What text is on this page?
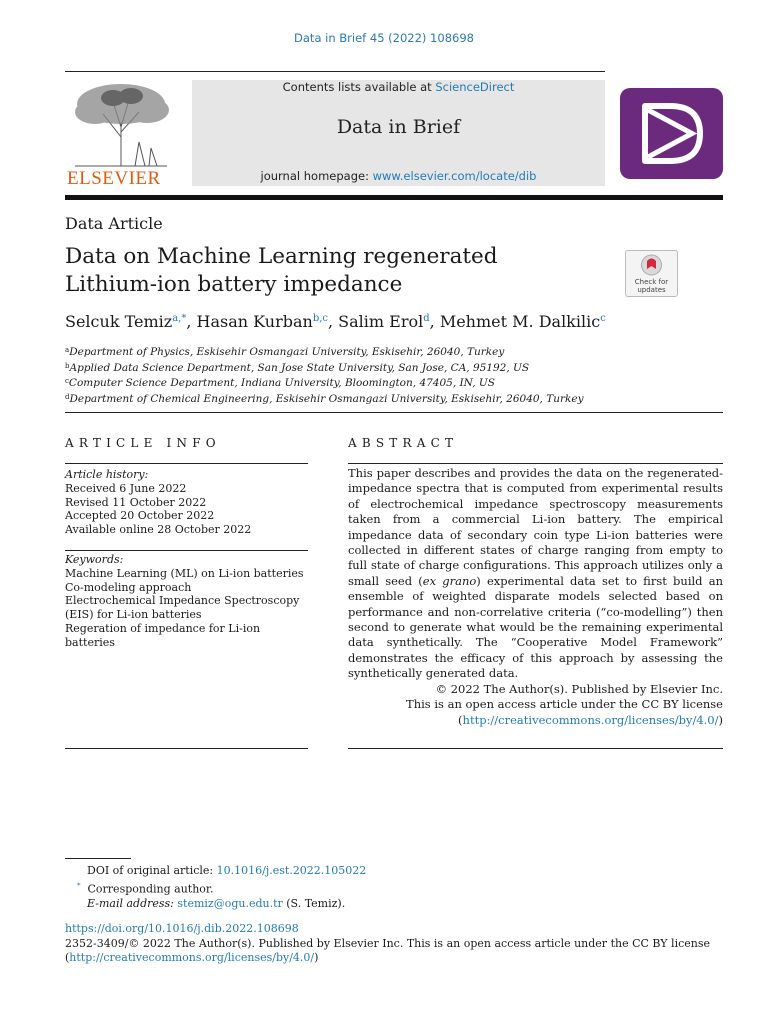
Data in Brief 45 (2022) 108698
ELSEVIER
Contents lists available at ScienceDirect
Data in Brief
journal homepage: www.elsevier.com/locate/dib
Data Article
Data on Machine Learning regenerated
Lithium-ion battery impedance	Check for updates
Selcuk Temiz$^{a,*}$, Hasan Kurban$^{b,c}$, Salim Erol$^d$, Mehmet M. Dalkilic$^c$
$^a$Department of Physics, Eskisehir Osmangazi University, Eskisehir, 26040, Turkey
$^b$Applied Data Science Department, San Jose State University, San Jose, CA, 95192, US
$^c$Computer Science Department, Indiana University, Bloomington, 47405, IN, US
$^d$Department of Chemical Engineering, Eskisehir Osmangazi University, Eskisehir, 26040, Turkey
ARTICLE INFO	ABSTRACT
Article history:
Received 6 June 2022
Revised 11 October 2022
Accepted 20 October 2022
Available online 28 October 2022
Keywords:
Machine Learning (ML) on Li-ion batteries
Co-modeling approach
Electrochemical Impedance Spectroscopy
(EIS) for Li-ion batteries
Regeration of impedance for Li-ion batteries

This paper describes and provides the data on the regenerated-impedance spectra that is computed from experimental results of electrochemical impedance spectroscopy measurements taken from a commercial Li-ion battery. The empirical impedance data of secondary coin type Li-ion batteries were collected in different states of charge ranging from empty to full state of charge configurations. This approach utilizes only a small seed (ex grano) experimental data set to first build an ensemble of weighted disparate models selected based on performance and non-correlative criteria (“co-modelling”) then second to generate what would be the remaining experimental data synthetically. The “Cooperative Model Framework” demonstrates the efficacy of this approach by assessing the synthetically generated data.

© 2022 The Author(s). Published by Elsevier Inc.
This is an open access article under the CC BY license
(http://creativecommons.org/licenses/by/4.0/)
DOI of original article: 10.1016/j.est.2022.105022
* Corresponding author.
E-mail address: stemiz@ogu.edu.tr (S. Temiz).
https://doi.org/10.1016/j.dib.2022.108698
2352-3409/© 2022 The Author(s). Published by Elsevier Inc. This is an open access article under the CC BY license
(http://creativecommons.org/licenses/by/4.0/)
